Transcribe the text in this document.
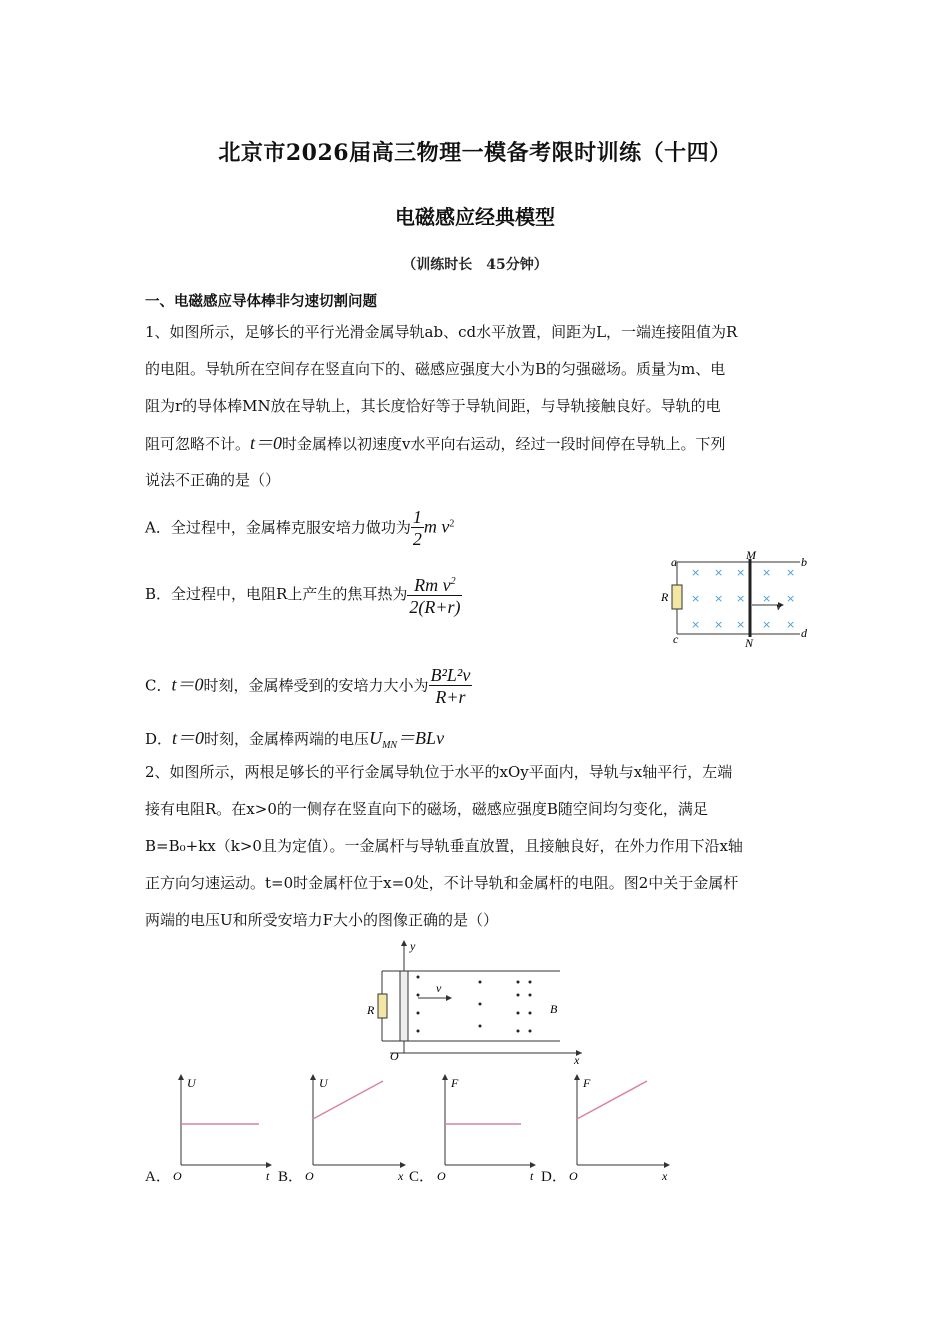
北京市2026届高三物理一模备考限时训练（十四）
电磁感应经典模型
（训练时长　45分钟）
一、电磁感应导体棒非匀速切割问题
1、如图所示，足够长的平行光滑金属导轨ab、cd水平放置，间距为L，一端连接阻值为R
的电阻。导轨所在空间存在竖直向下的、磁感应强度大小为B的匀强磁场。质量为m、电
阻为r的导体棒MN放在导轨上，其长度恰好等于导轨间距，与导轨接触良好。导轨的电
阻可忽略不计。t＝0时金属棒以初速度v水平向右运动，经过一段时间停在导轨上。下列
说法不正确的是（）
A．全过程中，金属棒克服安培力做功为 $\frac{1}{2}$ m $v^2$
B．全过程中，电阻R上产生的焦耳热为 $\frac{Rm v^2}{2(R+r)}$
C．t＝0时刻，金属棒受到的安培力大小为 $\frac{\text{B²L²v}}{R+r}$
D．t＝0时刻，金属棒两端的电压$U_{MN}=BLv$
× × × × ×
× × × × ×
× × × × ×
a	b
c	d
M
N
R
v
2、如图所示，两根足够长的平行金属导轨位于水平的xOy平面内，导轨与x轴平行，左端
接有电阻R。在x>0的一侧存在竖直向下的磁场，磁感应强度B随空间均匀变化，满足
B=B₀+kx（k>0且为定值）。一金属杆与导轨垂直放置，且接触良好，在外力作用下沿x轴
正方向匀速运动。t=0时金属杆位于x=0处，不计导轨和金属杆的电阻。图2中关于金属杆
两端的电压U和所受安培力F大小的图像正确的是（）
y
x
O
R
v
B
A．	B．	C．	D．
U
t
O
U
x
O
F
t
O
F
x
O
